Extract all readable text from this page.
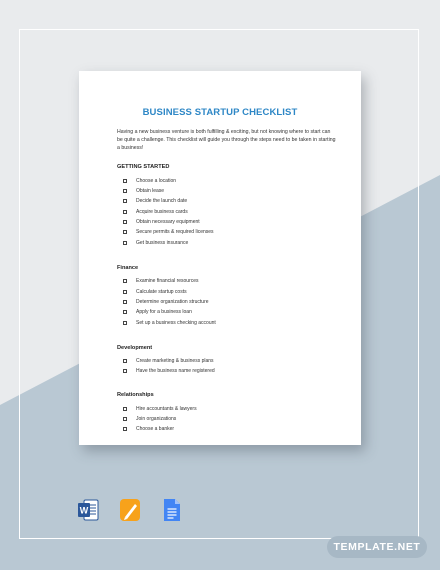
BUSINESS STARTUP CHECKLIST
Having a new business venture is both fulfilling & exciting, but not knowing where to start can be quite a challenge. This checklist will guide you through the steps need to be taken in starting a business!
GETTING STARTED
Choose a location
Obtain lease
Decide the launch date
Acquire business cards
Obtain necessary equipment
Secure permits & required licenses
Get business insurance
Finance
Examine financial resources
Calculate startup costs
Determine organization structure
Apply for a business loan
Set up a business checking account
Development
Create marketing & business plans
Have the business name registered
Relationships
Hire accountants & lawyers
Join organizations
Choose a banker
W
TEMPLATE.NET
